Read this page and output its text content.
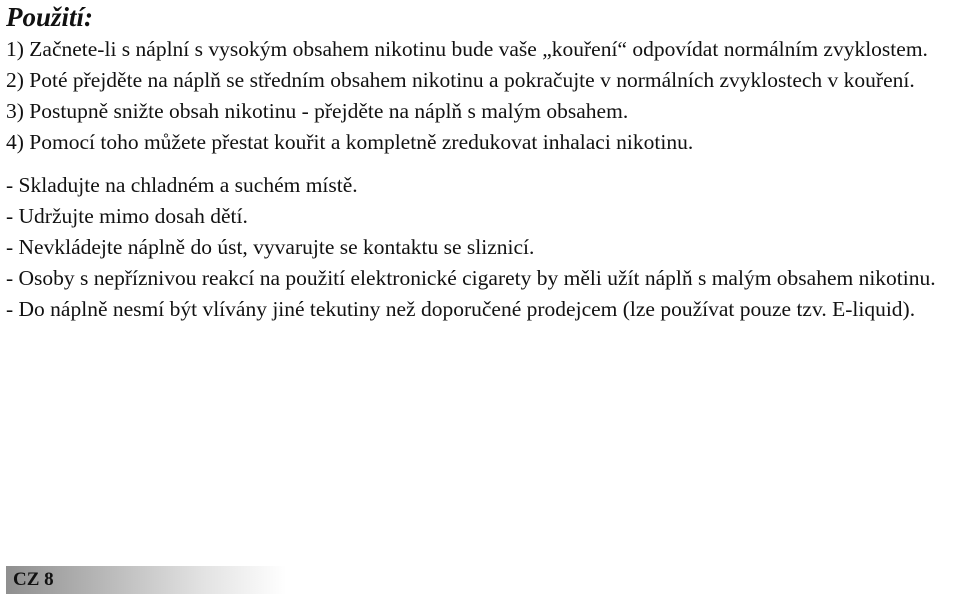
Použití:

1) Začnete-li s náplní s vysokým obsahem nikotinu bude vaše „kouření“ odpovídat normálním zvyklostem.

2) Poté přejděte na náplň se středním obsahem nikotinu a pokračujte v normálních zvyklostech v kouření.

3) Postupně snižte obsah nikotinu - přejděte na náplň s malým obsahem.

4) Pomocí toho můžete přestat kouřit a kompletně zredukovat inhalaci nikotinu.

- Skladujte na chladném a suchém místě.

- Udržujte mimo dosah dětí.

- Nevkládejte náplně do úst, vyvarujte se kontaktu se sliznicí.

- Osoby s nepříznivou reakcí na použití elektronické cigarety by měli užít náplň s malým obsahem nikotinu.

- Do náplně nesmí být vlívány jiné tekutiny než doporučené prodejcem (lze používat pouze tzv. E-liquid).

CZ 8
